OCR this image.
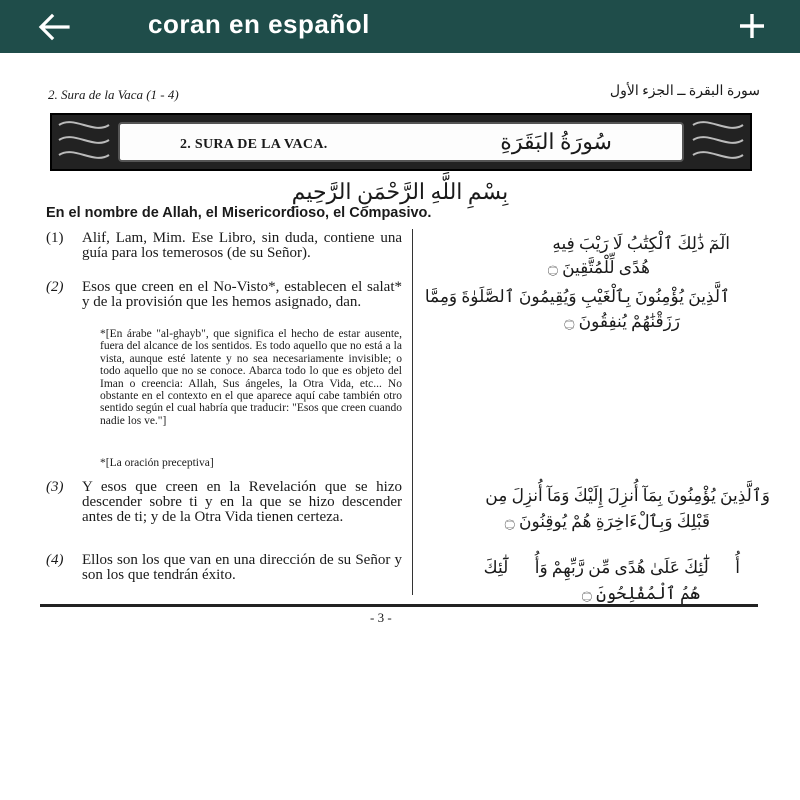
coran en español
2. Sura de la Vaca (1 - 4)	سورة البقرة ــ الجزء الأول
2. SURA DE LA VACA.	سُورَةُ البَقَرَةِ
بِسْمِ اللَّهِ الرَّحْمَنِ الرَّحِيمِ
En el nombre de Allah, el Misericordioso, el Compasivo.
(1) Alif, Lam, Mim. Ese Libro, sin duda, contiene una guía para los temerosos (de su Señor).
(2) Esos que creen en el No-Visto*, establecen el salat* y de la provisión que les hemos asignado, dan.
*[En árabe "al-ghayb", que significa el hecho de estar ausente, fuera del alcance de los sentidos. Es todo aquello que no está a la vista, aunque esté latente y no sea necesariamente invisible; o todo aquello que no se conoce. Abarca todo lo que es objeto del Iman o creencia: Allah, Sus ángeles, la Otra Vida, etc... No obstante en el contexto en el que aparece aquí cabe también otro sentido según el cual habría que traducir: "Esos que creen cuando nadie los ve."]
*[La oración preceptiva]
(3) Y esos que creen en la Revelación que se hizo descender sobre ti y en la que se hizo descender antes de ti; y de la Otra Vida tienen certeza.
(4) Ellos son los que van en una dirección de su Señor y son los que tendrán éxito.
الٓمٓ ذَٰلِكَ ٱلْكِتَٰبُ لَا رَيْبَ فِيهِ
هُدًى لِّلْمُتَّقِينَ ۝
ٱلَّذِينَ يُؤْمِنُونَ بِٱلْغَيْبِ وَيُقِيمُونَ ٱلصَّلَوٰةَ وَمِمَّا
رَزَقْنَٰهُمْ يُنفِقُونَ ۝
وَٱلَّذِينَ يُؤْمِنُونَ بِمَآ أُنزِلَ إِلَيْكَ وَمَآ أُنزِلَ مِن
قَبْلِكَ وَبِٱلْءَاخِرَةِ هُمْ يُوقِنُونَ ۝
أُو۟لَٰٓئِكَ عَلَىٰ هُدًى مِّن رَّبِّهِمْ وَأُو۟لَٰٓئِكَ
هُمُ ٱلْمُفْلِحُونَ ۝
- 3 -
